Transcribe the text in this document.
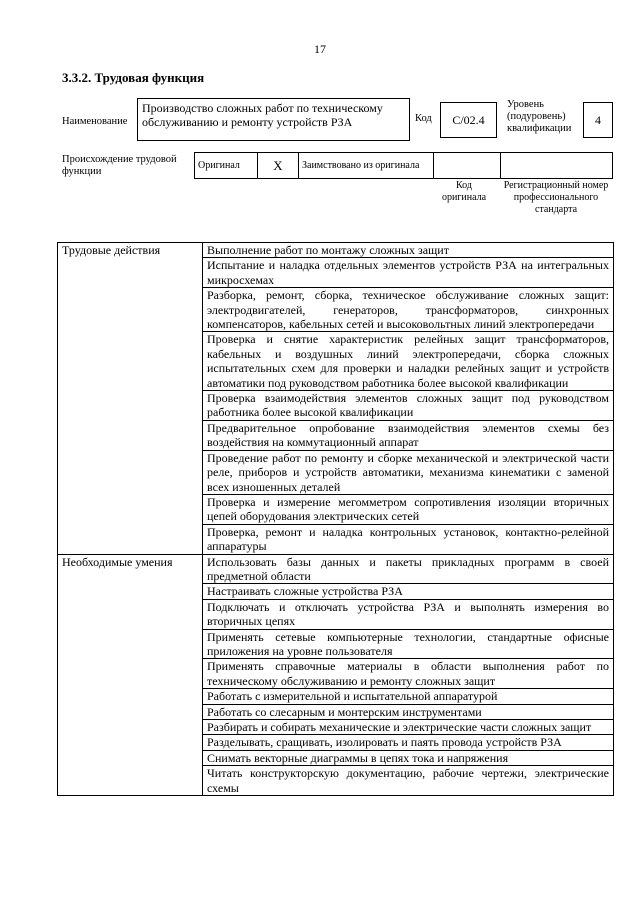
17
3.3.2. Трудовая функция
Наименование
Производство сложных работ по техническому обслуживанию и ремонту устройств РЗА	Код	С/02.4
Уровень (подуровень) квалификации
4
Происхождение трудовой функции
Оригинал	X	Заимствовано из оригинала		
Код оригинала
Регистрационный номер профессионального стандарта
Трудовые действия	Выполнение работ по монтажу сложных защит
	Испытание и наладка отдельных элементов устройств РЗА на интегральных микросхемах
	Разборка, ремонт, сборка, техническое обслуживание сложных защит: электродвигателей, генераторов, трансформаторов, синхронных компенсаторов, кабельных сетей и высоковольтных линий электропередачи
	Проверка и снятие характеристик релейных защит трансформаторов, кабельных и воздушных линий электропередачи, сборка сложных испытательных схем для проверки и наладки релейных защит и устройств автоматики под руководством работника более высокой квалификации
	Проверка взаимодействия элементов сложных защит под руководством работника более высокой квалификации
	Предварительное опробование взаимодействия элементов схемы без воздействия на коммутационный аппарат
	Проведение работ по ремонту и сборке механической и электрической части реле, приборов и устройств автоматики, механизма кинематики с заменой всех изношенных деталей
	Проверка и измерение мегомметром сопротивления изоляции вторичных цепей оборудования электрических сетей
	Проверка, ремонт и наладка контрольных установок, контактно-релейной аппаратуры
Необходимые умения	Использовать базы данных и пакеты прикладных программ в своей предметной области
	Настраивать сложные устройства РЗА
	Подключать и отключать устройства РЗА и выполнять измерения во вторичных цепях
	Применять сетевые компьютерные технологии, стандартные офисные приложения на уровне пользователя
	Применять справочные материалы в области выполнения работ по техническому обслуживанию и ремонту сложных защит
	Работать с измерительной и испытательной аппаратурой
	Работать со слесарным и монтерским инструментами
	Разбирать и собирать механические и электрические части сложных защит
	Разделывать, сращивать, изолировать и паять провода устройств РЗА
	Снимать векторные диаграммы в цепях тока и напряжения
	Читать конструкторскую документацию, рабочие чертежи, электрические схемы
